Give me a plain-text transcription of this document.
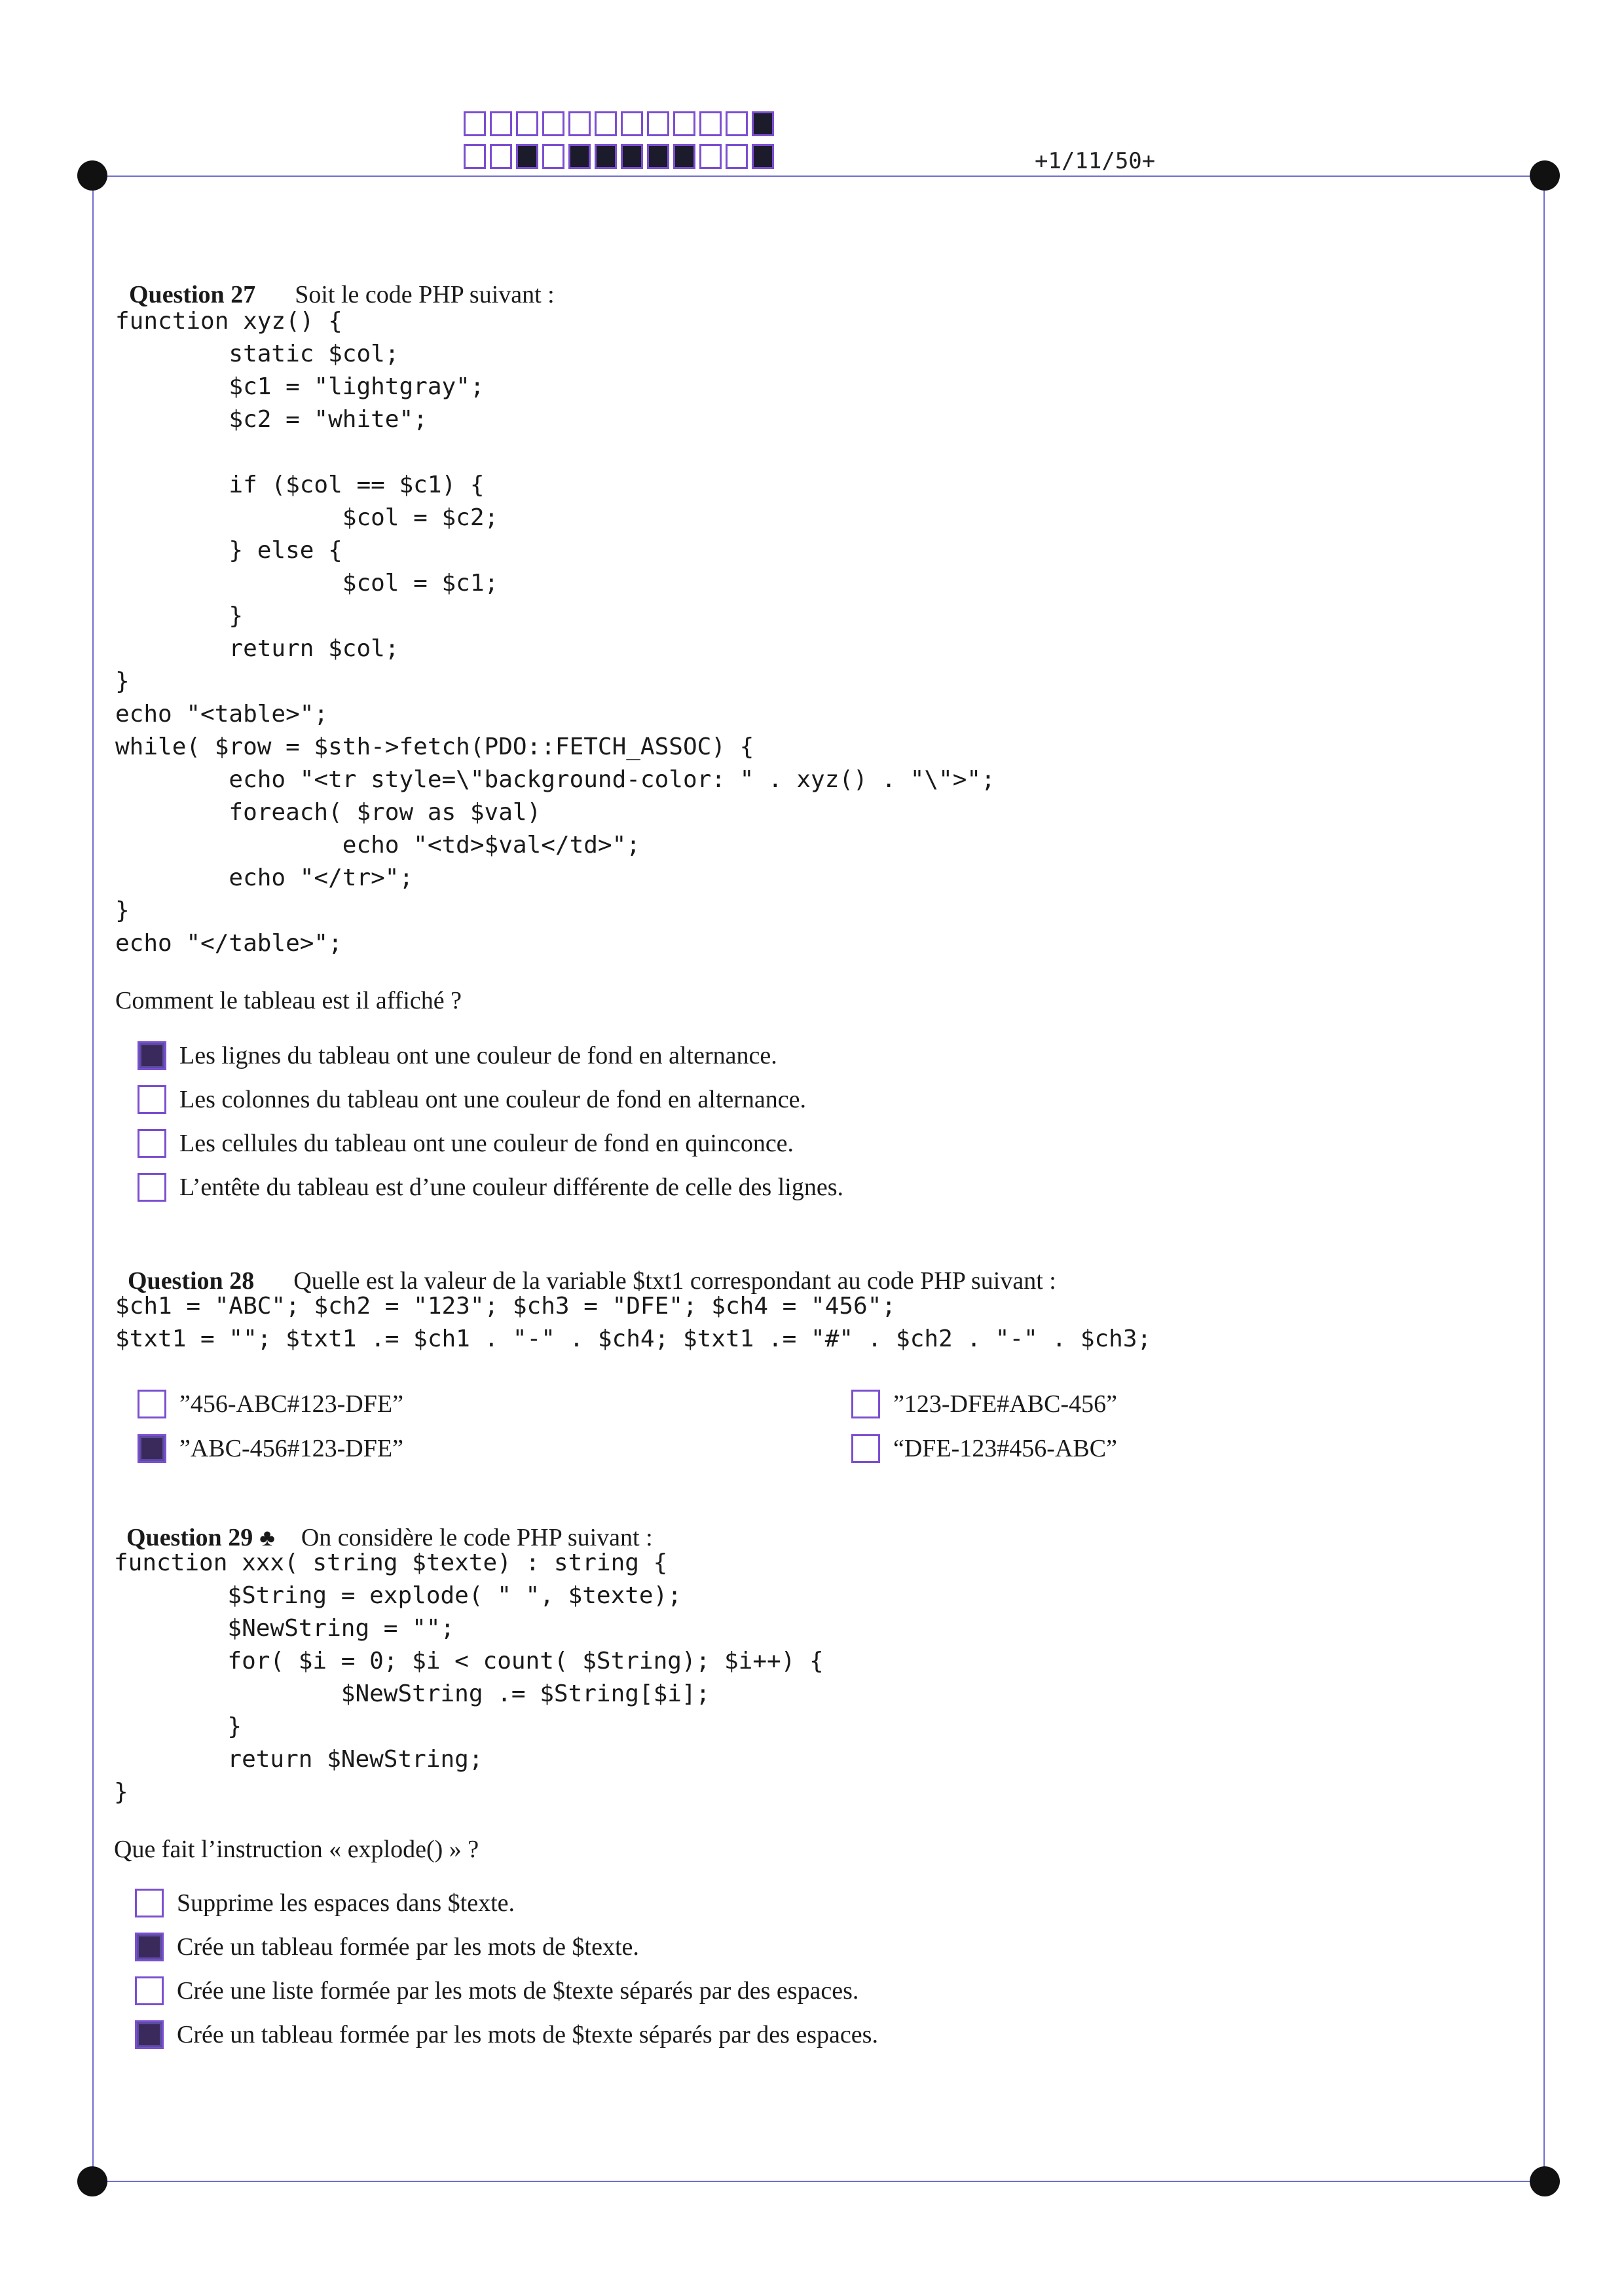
+1/11/50+

Question 27 Soit le code PHP suivant :

function xyz() {
static $col;
$c1 = "lightgray";
$c2 = "white";

if ($col == $c1) {
$col = $c2;
} else {
$col = $c1;
}
return $col;
}
echo "<table>";
while( $row = $sth->fetch(PDO::FETCH_ASSOC) {
echo "<tr style=\"background-color: " . xyz() . "\">";
foreach( $row as $val)
echo "<td>$val</td>";
echo "</tr>";
}
echo "</table>";
Comment le tableau est il affiché ?
Les lignes du tableau ont une couleur de fond en alternance.
Les colonnes du tableau ont une couleur de fond en alternance.
Les cellules du tableau ont une couleur de fond en quinconce.
L’entête du tableau est d’une couleur différente de celle des lignes.

Question 28 Quelle est la valeur de la variable $txt1 correspondant au code PHP suivant :

$ch1 = "ABC"; $ch2 = "123"; $ch3 = "DFE"; $ch4 = "456";
$txt1 = ""; $txt1 .= $ch1 . "-" . $ch4; $txt1 .= "#" . $ch2 . "-" . $ch3;
”456-ABC#123-DFE”	”123-DFE#ABC-456”
”ABC-456#123-DFE”	“DFE-123#456-ABC”

Question 29 ♣ On considère le code PHP suivant :

function xxx( string $texte) : string {
$String = explode( " ", $texte);
$NewString = "";
for( $i = 0; $i < count( $String); $i++) {
$NewString .= $String[$i];
}
return $NewString;
}
Que fait l’instruction « explode() » ?
Supprime les espaces dans $texte.
Crée un tableau formée par les mots de $texte.
Crée une liste formée par les mots de $texte séparés par des espaces.
Crée un tableau formée par les mots de $texte séparés par des espaces.
